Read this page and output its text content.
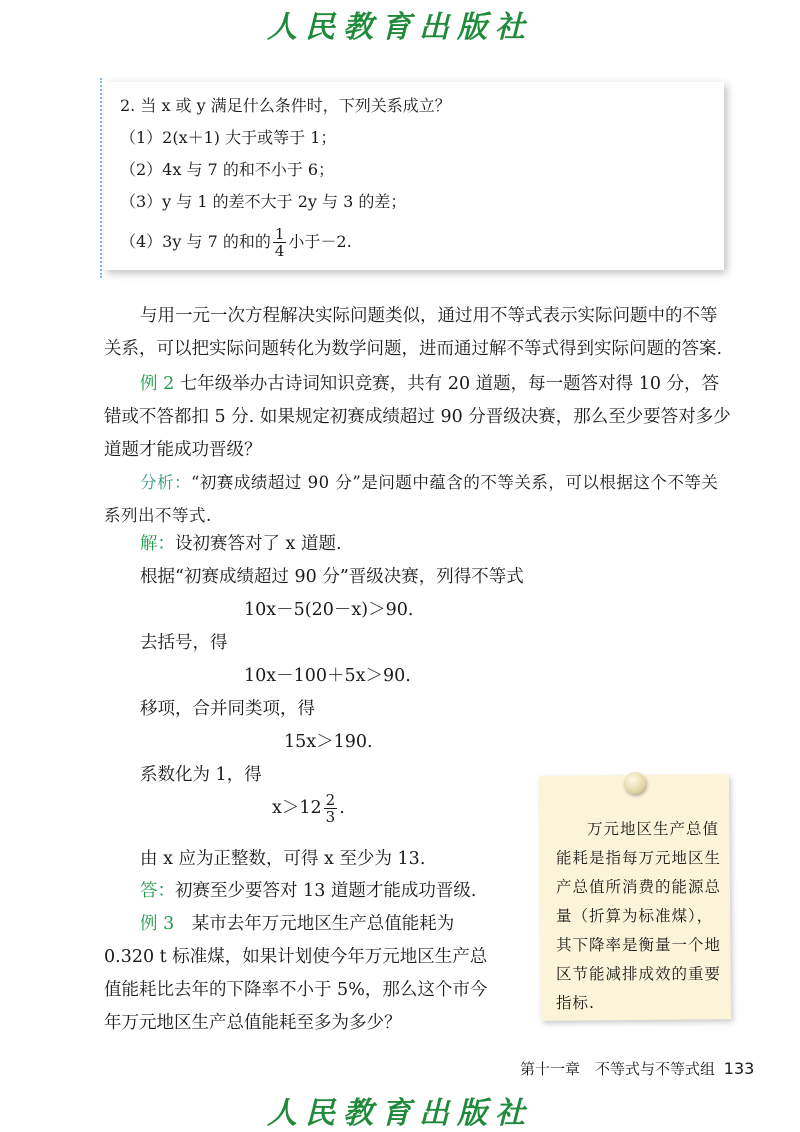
人民教育出版社
2. 当 x 或 y 满足什么条件时，下列关系成立？
（1）2(x＋1) 大于或等于 1；
（2）4x 与 7 的和不小于 6；
（3）y 与 1 的差不大于 2y 与 3 的差；
（4）3y 与 7 的和的 $\frac{1}{4}$ 小于－2.
与用一元一次方程解决实际问题类似，通过用不等式表示实际问题中的不等关系，可以把实际问题转化为数学问题，进而通过解不等式得到实际问题的答案.
例 2 七年级举办古诗词知识竞赛，共有 20 道题，每一题答对得 10 分，答错或不答都扣 5 分. 如果规定初赛成绩超过 90 分晋级决赛，那么至少要答对多少道题才能成功晋级？
分析：“初赛成绩超过 90 分”是问题中蕴含的不等关系，可以根据这个不等关系列出不等式.
解：设初赛答对了 x 道题.
根据“初赛成绩超过 90 分”晋级决赛，列得不等式
10x－5(20－x)＞90.
去括号，得
10x－100＋5x＞90.
移项，合并同类项，得
15x＞190.
系数化为 1，得
$x>12 \frac{2}{3}$ .
由 x 应为正整数，可得 x 至少为 13.
答：初赛至少要答对 13 道题才能成功晋级.
例 3　 某市去年万元地区生产总值能耗为
0.320 t 标准煤，如果计划使今年万元地区生产总
值能耗比去年的下降率不小于 5%，那么这个市今
年万元地区生产总值能耗至多为多少？
万元地区生产总值
能耗是指每万元地区生
产总值所消费的能源总
量（折算为标准煤），
其下降率是衡量一个地
区节能减排成效的重要
指标.
第十一章　不等式与不等式组 133
人民教育出版社
